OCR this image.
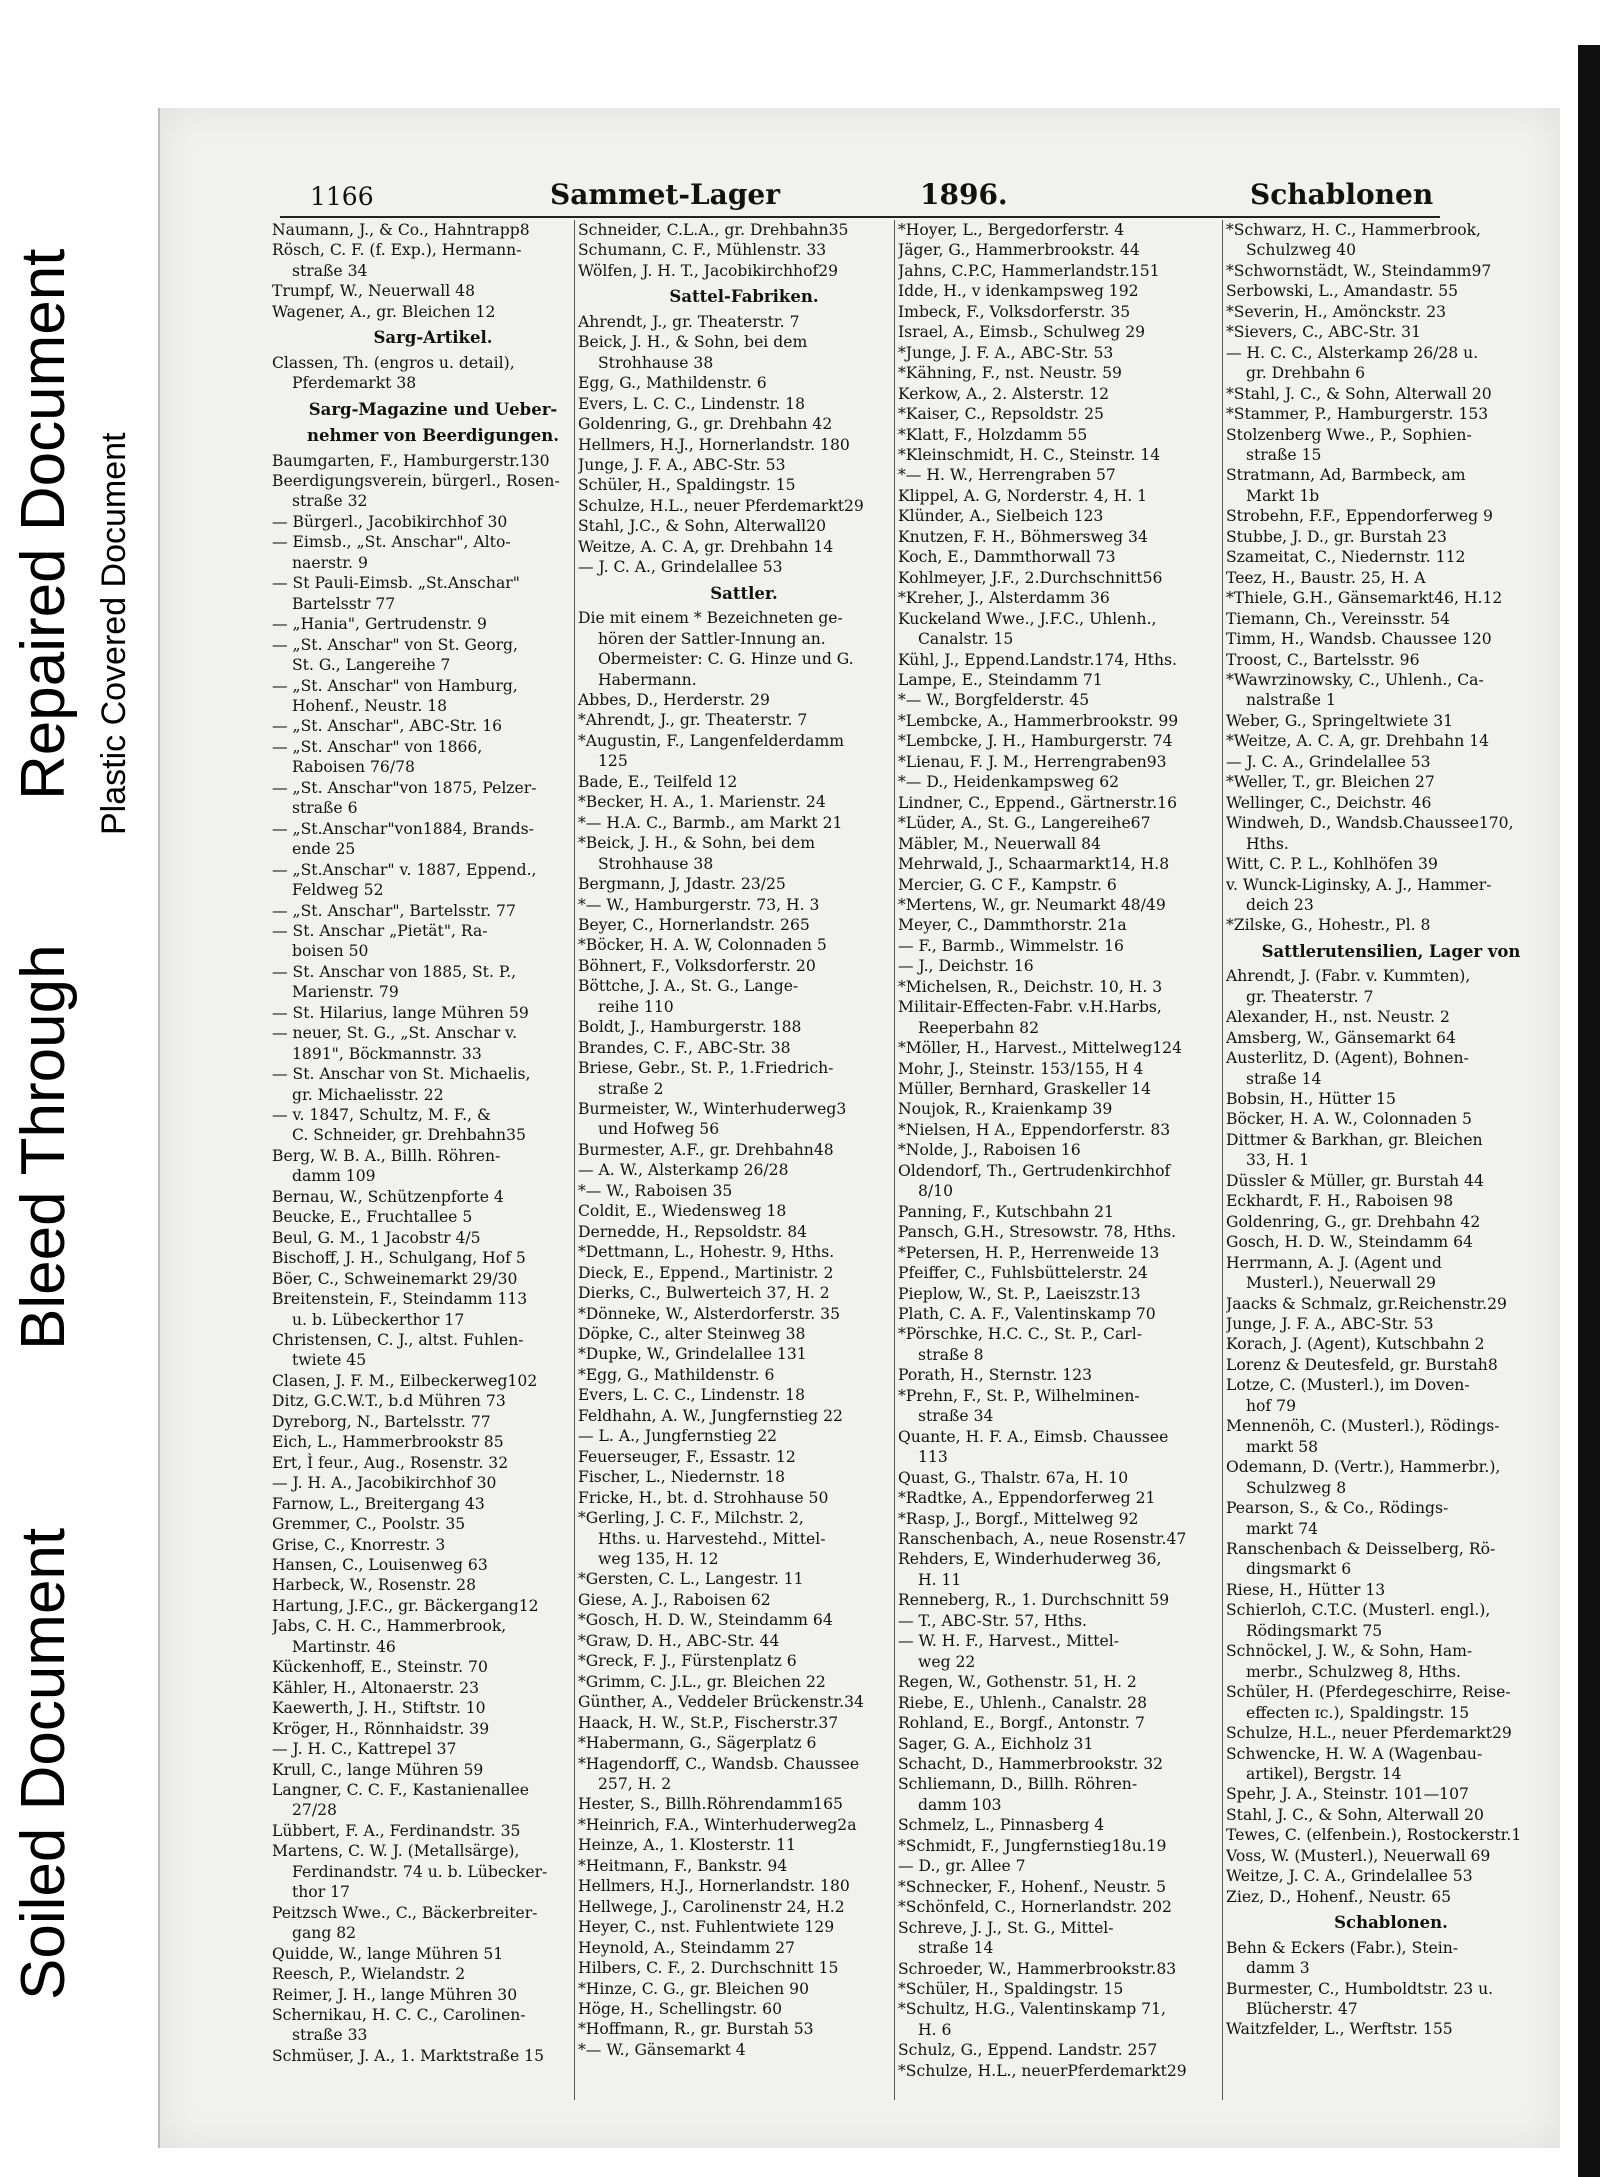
Soiled Document
Bleed Through
Repaired Document Plastic Covered Document
1166	Sammet-Lager	1896.	Schablonen
Naumann, J., & Co., Hahntrapp8
Rösch, C. F. (f. Exp.), Hermann-
straße 34
Trumpf, W., Neuerwall 48
Wagener, A., gr. Bleichen 12
Sarg-Artikel.
Classen, Th. (engros u. detail),
Pferdemarkt 38
Sarg-Magazine und Ueber-
nehmer von Beerdigungen.
Baumgarten, F., Hamburgerstr.130
Beerdigungsverein, bürgerl., Rosen-
straße 32
— Bürgerl., Jacobikirchhof 30
— Eimsb., „St. Anschar", Alto-
naerstr. 9
— St Pauli-Eimsb. „St.Anschar"
Bartelsstr 77
— „Hania", Gertrudenstr. 9
— „St. Anschar" von St. Georg,
St. G., Langereihe 7
— „St. Anschar" von Hamburg,
Hohenf., Neustr. 18
— „St. Anschar", ABC-Str. 16
— „St. Anschar" von 1866,
Raboisen 76/78
— „St. Anschar"von 1875, Pelzer-
straße 6
— „St.Anschar"von1884, Brands-
ende 25
— „St.Anschar" v. 1887, Eppend.,
Feldweg 52
— „St. Anschar", Bartelsstr. 77
— St. Anschar „Pietät", Ra-
boisen 50
— St. Anschar von 1885, St. P.,
Marienstr. 79
— St. Hilarius, lange Mühren 59
— neuer, St. G., „St. Anschar v.
1891", Böckmannstr. 33
— St. Anschar von St. Michaelis,
gr. Michaelisstr. 22
— v. 1847, Schultz, M. F., &
C. Schneider, gr. Drehbahn35
Berg, W. B. A., Billh. Röhren-
damm 109
Bernau, W., Schützenpforte 4
Beucke, E., Fruchtallee 5
Beul, G. M., 1 Jacobstr 4/5
Bischoff, J. H., Schulgang, Hof 5
Böer, C., Schweinemarkt 29/30
Breitenstein, F., Steindamm 113
u. b. Lübeckerthor 17
Christensen, C. J., altst. Fuhlen-
twiete 45
Clasen, J. F. M., Eilbeckerweg102
Ditz, G.C.W.T., b.d Mühren 73
Dyreborg, N., Bartelsstr. 77
Eich, L., Hammerbrookstr 85
Ert, Ì feur., Aug., Rosenstr. 32
— J. H. A., Jacobikirchhof 30
Farnow, L., Breitergang 43
Gremmer, C., Poolstr. 35
Grise, C., Knorrestr. 3
Hansen, C., Louisenweg 63
Harbeck, W., Rosenstr. 28
Hartung, J.F.C., gr. Bäckergang12
Jabs, C. H. C., Hammerbrook,
Martinstr. 46
Kückenhoff, E., Steinstr. 70
Kähler, H., Altonaerstr. 23
Kaewerth, J. H., Stiftstr. 10
Kröger, H., Rönnhaidstr. 39
— J. H. C., Kattrepel 37
Krull, C., lange Mühren 59
Langner, C. C. F., Kastanienallee
27/28
Lübbert, F. A., Ferdinandstr. 35
Martens, C. W. J. (Metallsärge),
Ferdinandstr. 74 u. b. Lübecker-
thor 17
Peitzsch Wwe., C., Bäckerbreiter-
gang 82
Quidde, W., lange Mühren 51
Reesch, P., Wielandstr. 2
Reimer, J. H., lange Mühren 30
Schernikau, H. C. C., Carolinen-
straße 33
Schmüser, J. A., 1. Marktstraße 15
Schneider, C.L.A., gr. Drehbahn35
Schumann, C. F., Mühlenstr. 33
Wölfen, J. H. T., Jacobikirchhof29
Sattel-Fabriken.
Ahrendt, J., gr. Theaterstr. 7
Beick, J. H., & Sohn, bei dem
Strohhause 38
Egg, G., Mathildenstr. 6
Evers, L. C. C., Lindenstr. 18
Goldenring, G., gr. Drehbahn 42
Hellmers, H.J., Hornerlandstr. 180
Junge, J. F. A., ABC-Str. 53
Schüler, H., Spaldingstr. 15
Schulze, H.L., neuer Pferdemarkt29
Stahl, J.C., & Sohn, Alterwall20
Weitze, A. C. A, gr. Drehbahn 14
— J. C. A., Grindelallee 53
Sattler.
Die mit einem * Bezeichneten ge-
hören der Sattler-Innung an.
Obermeister: C. G. Hinze und G.
Habermann.
Abbes, D., Herderstr. 29
*Ahrendt, J., gr. Theaterstr. 7
*Augustin, F., Langenfelderdamm
125
Bade, E., Teilfeld 12
*Becker, H. A., 1. Marienstr. 24
*— H.A. C., Barmb., am Markt 21
*Beick, J. H., & Sohn, bei dem
Strohhause 38
Bergmann, J, Jdastr. 23/25
*— W., Hamburgerstr. 73, H. 3
Beyer, C., Hornerlandstr. 265
*Böcker, H. A. W, Colonnaden 5
Böhnert, F., Volksdorferstr. 20
Böttche, J. A., St. G., Lange-
reihe 110
Boldt, J., Hamburgerstr. 188
Brandes, C. F., ABC-Str. 38
Briese, Gebr., St. P., 1.Friedrich-
straße 2
Burmeister, W., Winterhuderweg3
und Hofweg 56
Burmester, A.F., gr. Drehbahn48
— A. W., Alsterkamp 26/28
*— W., Raboisen 35
Coldit, E., Wiedensweg 18
Dernedde, H., Repsoldstr. 84
*Dettmann, L., Hohestr. 9, Hths.
Dieck, E., Eppend., Martinistr. 2
Dierks, C., Bulwerteich 37, H. 2
*Dönneke, W., Alsterdorferstr. 35
Döpke, C., alter Steinweg 38
*Dupke, W., Grindelallee 131
*Egg, G., Mathildenstr. 6
Evers, L. C. C., Lindenstr. 18
Feldhahn, A. W., Jungfernstieg 22
— L. A., Jungfernstieg 22
Feuerseuger, F., Essastr. 12
Fischer, L., Niedernstr. 18
Fricke, H., bt. d. Strohhause 50
*Gerling, J. C. F., Milchstr. 2,
Hths. u. Harvestehd., Mittel-
weg 135, H. 12
*Gersten, C. L., Langestr. 11
Giese, A. J., Raboisen 62
*Gosch, H. D. W., Steindamm 64
*Graw, D. H., ABC-Str. 44
*Greck, F. J., Fürstenplatz 6
*Grimm, C. J.L., gr. Bleichen 22
Günther, A., Veddeler Brückenstr.34
Haack, H. W., St.P., Fischerstr.37
*Habermann, G., Sägerplatz 6
*Hagendorff, C., Wandsb. Chaussee
257, H. 2
Hester, S., Billh.Röhrendamm165
*Heinrich, F.A., Winterhuderweg2a
Heinze, A., 1. Klosterstr. 11
*Heitmann, F., Bankstr. 94
Hellmers, H.J., Hornerlandstr. 180
Hellwege, J., Carolinenstr 24, H.2
Heyer, C., nst. Fuhlentwiete 129
Heynold, A., Steindamm 27
Hilbers, C. F., 2. Durchschnitt 15
*Hinze, C. G., gr. Bleichen 90
Höge, H., Schellingstr. 60
*Hoffmann, R., gr. Burstah 53
*— W., Gänsemarkt 4
*Hoyer, L., Bergedorferstr. 4
Jäger, G., Hammerbrookstr. 44
Jahns, C.P.C, Hammerlandstr.151
Idde, H., v idenkampsweg 192
Imbeck, F., Volksdorferstr. 35
Israel, A., Eimsb., Schulweg 29
*Junge, J. F. A., ABC-Str. 53
*Kähning, F., nst. Neustr. 59
Kerkow, A., 2. Alsterstr. 12
*Kaiser, C., Repsoldstr. 25
*Klatt, F., Holzdamm 55
*Kleinschmidt, H. C., Steinstr. 14
*— H. W., Herrengraben 57
Klippel, A. G, Norderstr. 4, H. 1
Klünder, A., Sielbeich 123
Knutzen, F. H., Böhmersweg 34
Koch, E., Dammthorwall 73
Kohlmeyer, J.F., 2.Durchschnitt56
*Kreher, J., Alsterdamm 36
Kuckeland Wwe., J.F.C., Uhlenh.,
Canalstr. 15
Kühl, J., Eppend.Landstr.174, Hths.
Lampe, E., Steindamm 71
*— W., Borgfelderstr. 45
*Lembcke, A., Hammerbrookstr. 99
*Lembcke, J. H., Hamburgerstr. 74
*Lienau, F. J. M., Herrengraben93
*— D., Heidenkampsweg 62
Lindner, C., Eppend., Gärtnerstr.16
*Lüder, A., St. G., Langereihe67
Mäbler, M., Neuerwall 84
Mehrwald, J., Schaarmarkt14, H.8
Mercier, G. C F., Kampstr. 6
*Mertens, W., gr. Neumarkt 48/49
Meyer, C., Dammthorstr. 21a
— F., Barmb., Wimmelstr. 16
— J., Deichstr. 16
*Michelsen, R., Deichstr. 10, H. 3
Militair-Effecten-Fabr. v.H.Harbs,
Reeperbahn 82
*Möller, H., Harvest., Mittelweg124
Mohr, J., Steinstr. 153/155, H 4
Müller, Bernhard, Graskeller 14
Noujok, R., Kraienkamp 39
*Nielsen, H A., Eppendorferstr. 83
*Nolde, J., Raboisen 16
Oldendorf, Th., Gertrudenkirchhof
8/10
Panning, F., Kutschbahn 21
Pansch, G.H., Stresowstr. 78, Hths.
*Petersen, H. P., Herrenweide 13
Pfeiffer, C., Fuhlsbüttelerstr. 24
Pieplow, W., St. P., Laeiszstr.13
Plath, C. A. F., Valentinskamp 70
*Pörschke, H.C. C., St. P., Carl-
straße 8
Porath, H., Sternstr. 123
*Prehn, F., St. P., Wilhelminen-
straße 34
Quante, H. F. A., Eimsb. Chaussee
113
Quast, G., Thalstr. 67a, H. 10
*Radtke, A., Eppendorferweg 21
*Rasp, J., Borgf., Mittelweg 92
Ranschenbach, A., neue Rosenstr.47
Rehders, E, Winderhuderweg 36,
H. 11
Renneberg, R., 1. Durchschnitt 59
— T., ABC-Str. 57, Hths.
— W. H. F., Harvest., Mittel-
weg 22
Regen, W., Gothenstr. 51, H. 2
Riebe, E., Uhlenh., Canalstr. 28
Rohland, E., Borgf., Antonstr. 7
Sager, G. A., Eichholz 31
Schacht, D., Hammerbrookstr. 32
Schliemann, D., Billh. Röhren-
damm 103
Schmelz, L., Pinnasberg 4
*Schmidt, F., Jungfernstieg18u.19
— D., gr. Allee 7
*Schnecker, F., Hohenf., Neustr. 5
*Schönfeld, C., Hornerlandstr. 202
Schreve, J. J., St. G., Mittel-
straße 14
Schroeder, W., Hammerbrookstr.83
*Schüler, H., Spaldingstr. 15
*Schultz, H.G., Valentinskamp 71,
H. 6
Schulz, G., Eppend. Landstr. 257
*Schulze, H.L., neuerPferdemarkt29
*Schwarz, H. C., Hammerbrook,
Schulzweg 40
*Schwornstädt, W., Steindamm97
Serbowski, L., Amandastr. 55
*Severin, H., Amönckstr. 23
*Sievers, C., ABC-Str. 31
— H. C. C., Alsterkamp 26/28 u.
gr. Drehbahn 6
*Stahl, J. C., & Sohn, Alterwall 20
*Stammer, P., Hamburgerstr. 153
Stolzenberg Wwe., P., Sophien-
straße 15
Stratmann, Ad, Barmbeck, am
Markt 1b
Strobehn, F.F., Eppendorferweg 9
Stubbe, J. D., gr. Burstah 23
Szameitat, C., Niedernstr. 112
Teez, H., Baustr. 25, H. A
*Thiele, G.H., Gänsemarkt46, H.12
Tiemann, Ch., Vereinsstr. 54
Timm, H., Wandsb. Chaussee 120
Troost, C., Bartelsstr. 96
*Wawrzinowsky, C., Uhlenh., Ca-
nalstraße 1
Weber, G., Springeltwiete 31
*Weitze, A. C. A, gr. Drehbahn 14
— J. C. A., Grindelallee 53
*Weller, T., gr. Bleichen 27
Wellinger, C., Deichstr. 46
Windweh, D., Wandsb.Chaussee170,
Hths.
Witt, C. P. L., Kohlhöfen 39
v. Wunck-Liginsky, A. J., Hammer-
deich 23
*Zilske, G., Hohestr., Pl. 8
Sattlerutensilien, Lager von
Ahrendt, J. (Fabr. v. Kummten),
gr. Theaterstr. 7
Alexander, H., nst. Neustr. 2
Amsberg, W., Gänsemarkt 64
Austerlitz, D. (Agent), Bohnen-
straße 14
Bobsin, H., Hütter 15
Böcker, H. A. W., Colonnaden 5
Dittmer & Barkhan, gr. Bleichen
33, H. 1
Düssler & Müller, gr. Burstah 44
Eckhardt, F. H., Raboisen 98
Goldenring, G., gr. Drehbahn 42
Gosch, H. D. W., Steindamm 64
Herrmann, A. J. (Agent und
Musterl.), Neuerwall 29
Jaacks & Schmalz, gr.Reichenstr.29
Junge, J. F. A., ABC-Str. 53
Korach, J. (Agent), Kutschbahn 2
Lorenz & Deutesfeld, gr. Burstah8
Lotze, C. (Musterl.), im Doven-
hof 79
Mennenöh, C. (Musterl.), Rödings-
markt 58
Odemann, D. (Vertr.), Hammerbr.),
Schulzweg 8
Pearson, S., & Co., Rödings-
markt 74
Ranschenbach & Deisselberg, Rö-
dingsmarkt 6
Riese, H., Hütter 13
Schierloh, C.T.C. (Musterl. engl.),
Rödingsmarkt 75
Schnöckel, J. W., & Sohn, Ham-
merbr., Schulzweg 8, Hths.
Schüler, H. (Pferdegeschirre, Reise-
effecten ɪc.), Spaldingstr. 15
Schulze, H.L., neuer Pferdemarkt29
Schwencke, H. W. A (Wagenbau-
artikel), Bergstr. 14
Spehr, J. A., Steinstr. 101—107
Stahl, J. C., & Sohn, Alterwall 20
Tewes, C. (elfenbein.), Rostockerstr.1
Voss, W. (Musterl.), Neuerwall 69
Weitze, J. C. A., Grindelallee 53
Ziez, D., Hohenf., Neustr. 65
Schablonen.
Behn & Eckers (Fabr.), Stein-
damm 3
Burmester, C., Humboldtstr. 23 u.
Blücherstr. 47
Waitzfelder, L., Werftstr. 155
